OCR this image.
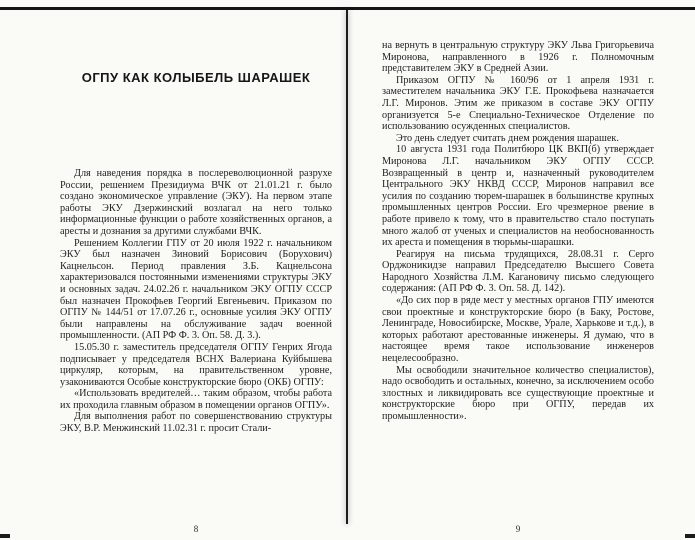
ОГПУ КАК КОЛЫБЕЛЬ ШАРАШЕК

Для наведения порядка в послереволюционной разрухе России, решением Президиума ВЧК от 21.01.21 г. было создано экономическое управление (ЭКУ). На первом этапе работы ЭКУ Дзержинский возлагал на него только информационные функции о работе хозяйственных органов, а аресты и дознания за другими службами ВЧК.

Решением Коллегии ГПУ от 20 июля 1922 г. начальником ЭКУ был назначен Зиновий Борисович (Борухович) Кацнельсон. Период правления З.Б. Кацнельсона характеризовался постоянными изменениями структуры ЭКУ и основных задач. 24.02.26 г. начальником ЭКУ ОГПУ СССР был назначен Прокофьев Георгий Евгеньевич. Приказом по ОГПУ № 144/51 от 17.07.26 г., основные усилия ЭКУ ОГПУ были направлены на обслуживание задач военной промышленности. (АП РФ Ф. 3. Оп. 58. Д. 3.).

15.05.30 г. заместитель председателя ОГПУ Генрих Ягода подписывает у председателя ВСНХ Валериана Куйбышева циркуляр, которым, на правительственном уровне, узакониваются Особые конструкторские бюро (ОКБ) ОГПУ:

«Использовать вредителей… таким образом, чтобы работа их проходила главным образом в помещении органов ОГПУ».

Для выполнения работ по совершенствованию структуры ЭКУ, В.Р. Менжинский 11.02.31 г. просит Стали-

8

на вернуть в центральную структуру ЭКУ Льва Григорьевича Миронова, направленного в 1926 г. Полномочным представителем ЭКУ в Средней Азии.

Приказом ОГПУ № 160/96 от 1 апреля 1931 г. заместителем начальника ЭКУ Г.Е. Прокофьева назначается Л.Г. Миронов. Этим же приказом в составе ЭКУ ОГПУ организуется 5-е Специально-Техническое Отделение по использованию осужденных специалистов.

Это день следует считать днем рождения шарашек.

10 августа 1931 года Политбюро ЦК ВКП(б) утверждает Миронова Л.Г. начальником ЭКУ ОГПУ СССР. Возвращенный в центр и, назначенный руководителем Центрального ЭКУ НКВД СССР, Миронов направил все усилия по созданию тюрем-шарашек в большинстве крупных промышленных центров России. Его чрезмерное рвение в работе привело к тому, что в правительство стало поступать много жалоб от ученых и специалистов на необоснованность их ареста и помещения в тюрьмы-шарашки.

Реагируя на письма трудящихся, 28.08.31 г. Серго Орджоникидзе направил Председателю Высшего Совета Народного Хозяйства Л.М. Кагановичу письмо следующего содержания: (АП РФ Ф. 3. Оп. 58. Д. 142).

«До сих пор в ряде мест у местных органов ГПУ имеются свои проектные и конструкторские бюро (в Баку, Ростове, Ленинграде, Новосибирске, Москве, Урале, Харькове и т.д.), в которых работают арестованные инженеры. Я думаю, что в настоящее время такое использование инженеров нецелесообразно.

Мы освободили значительное количество специалистов), надо освободить и остальных, конечно, за исключением особо злостных и ликвидировать все существующие проектные и конструкторские бюро при ОГПУ, передав их промышленности».

9
